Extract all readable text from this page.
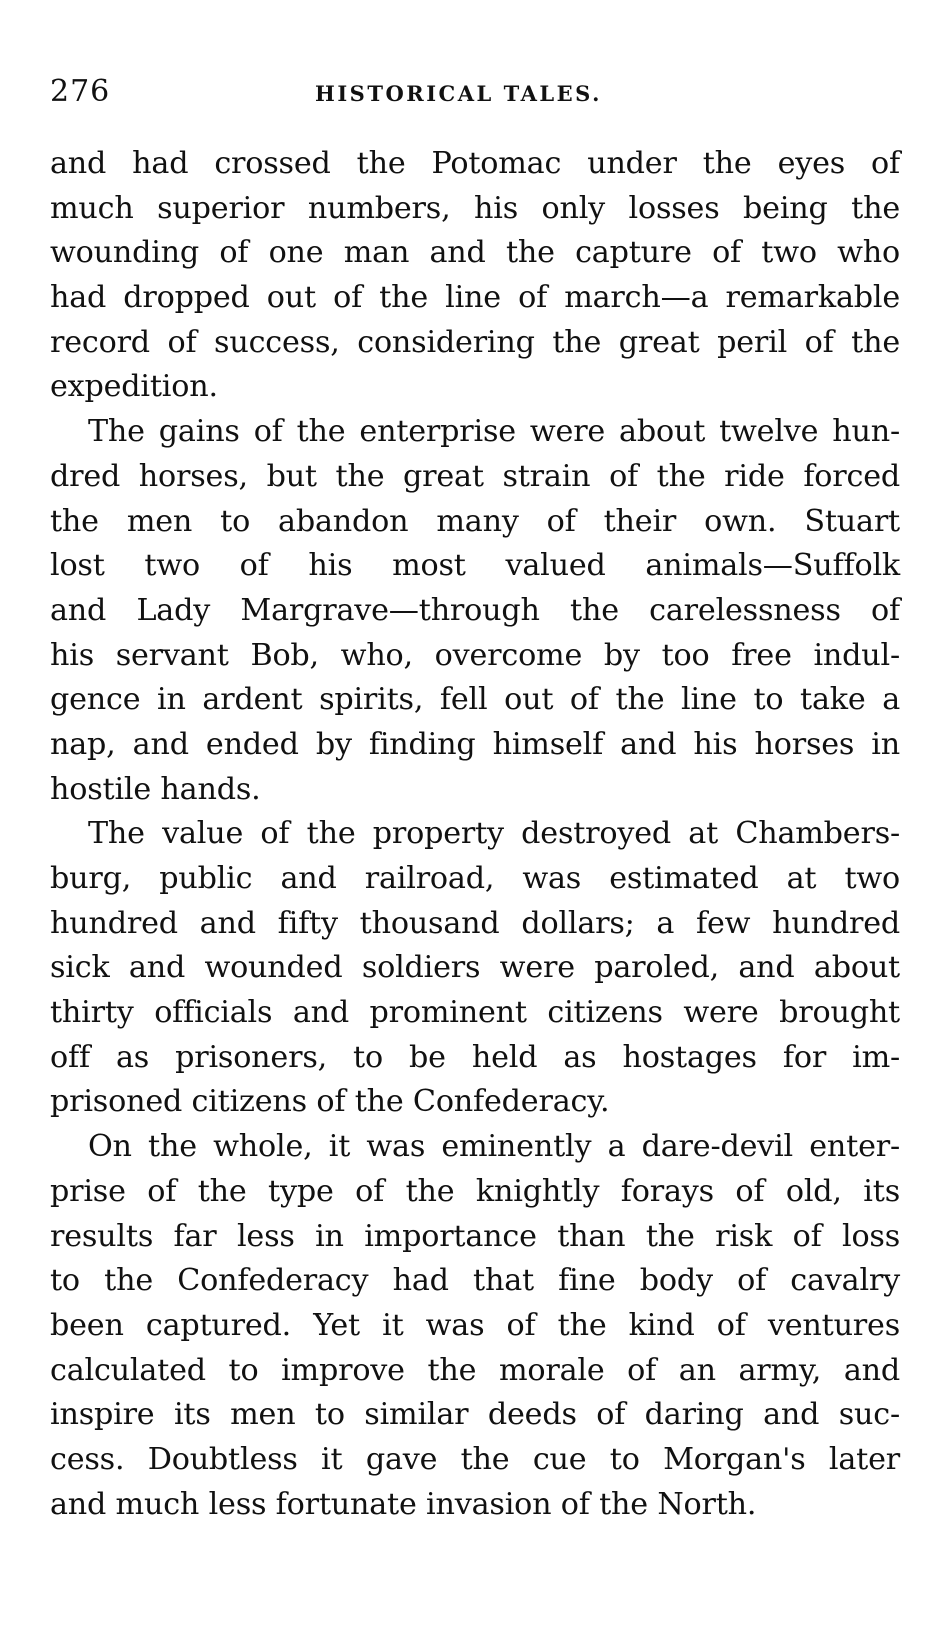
276	HISTORICAL TALES.
and had crossed the Potomac under the eyes of
much superior numbers, his only losses being the
wounding of one man and the capture of two who
had dropped out of the line of march—a remarkable
record of success, considering the great peril of the
expedition.
The gains of the enterprise were about twelve hun-
dred horses, but the great strain of the ride forced
the men to abandon many of their own. Stuart
lost two of his most valued animals—Suffolk
and Lady Margrave—through the carelessness of
his servant Bob, who, overcome by too free indul-
gence in ardent spirits, fell out of the line to take a
nap, and ended by finding himself and his horses in
hostile hands.
The value of the property destroyed at Chambers-
burg, public and railroad, was estimated at two
hundred and fifty thousand dollars; a few hundred
sick and wounded soldiers were paroled, and about
thirty officials and prominent citizens were brought
off as prisoners, to be held as hostages for im-
prisoned citizens of the Confederacy.
On the whole, it was eminently a dare-devil enter-
prise of the type of the knightly forays of old, its
results far less in importance than the risk of loss
to the Confederacy had that fine body of cavalry
been captured. Yet it was of the kind of ventures
calculated to improve the morale of an army, and
inspire its men to similar deeds of daring and suc-
cess. Doubtless it gave the cue to Morgan's later
and much less fortunate invasion of the North.
